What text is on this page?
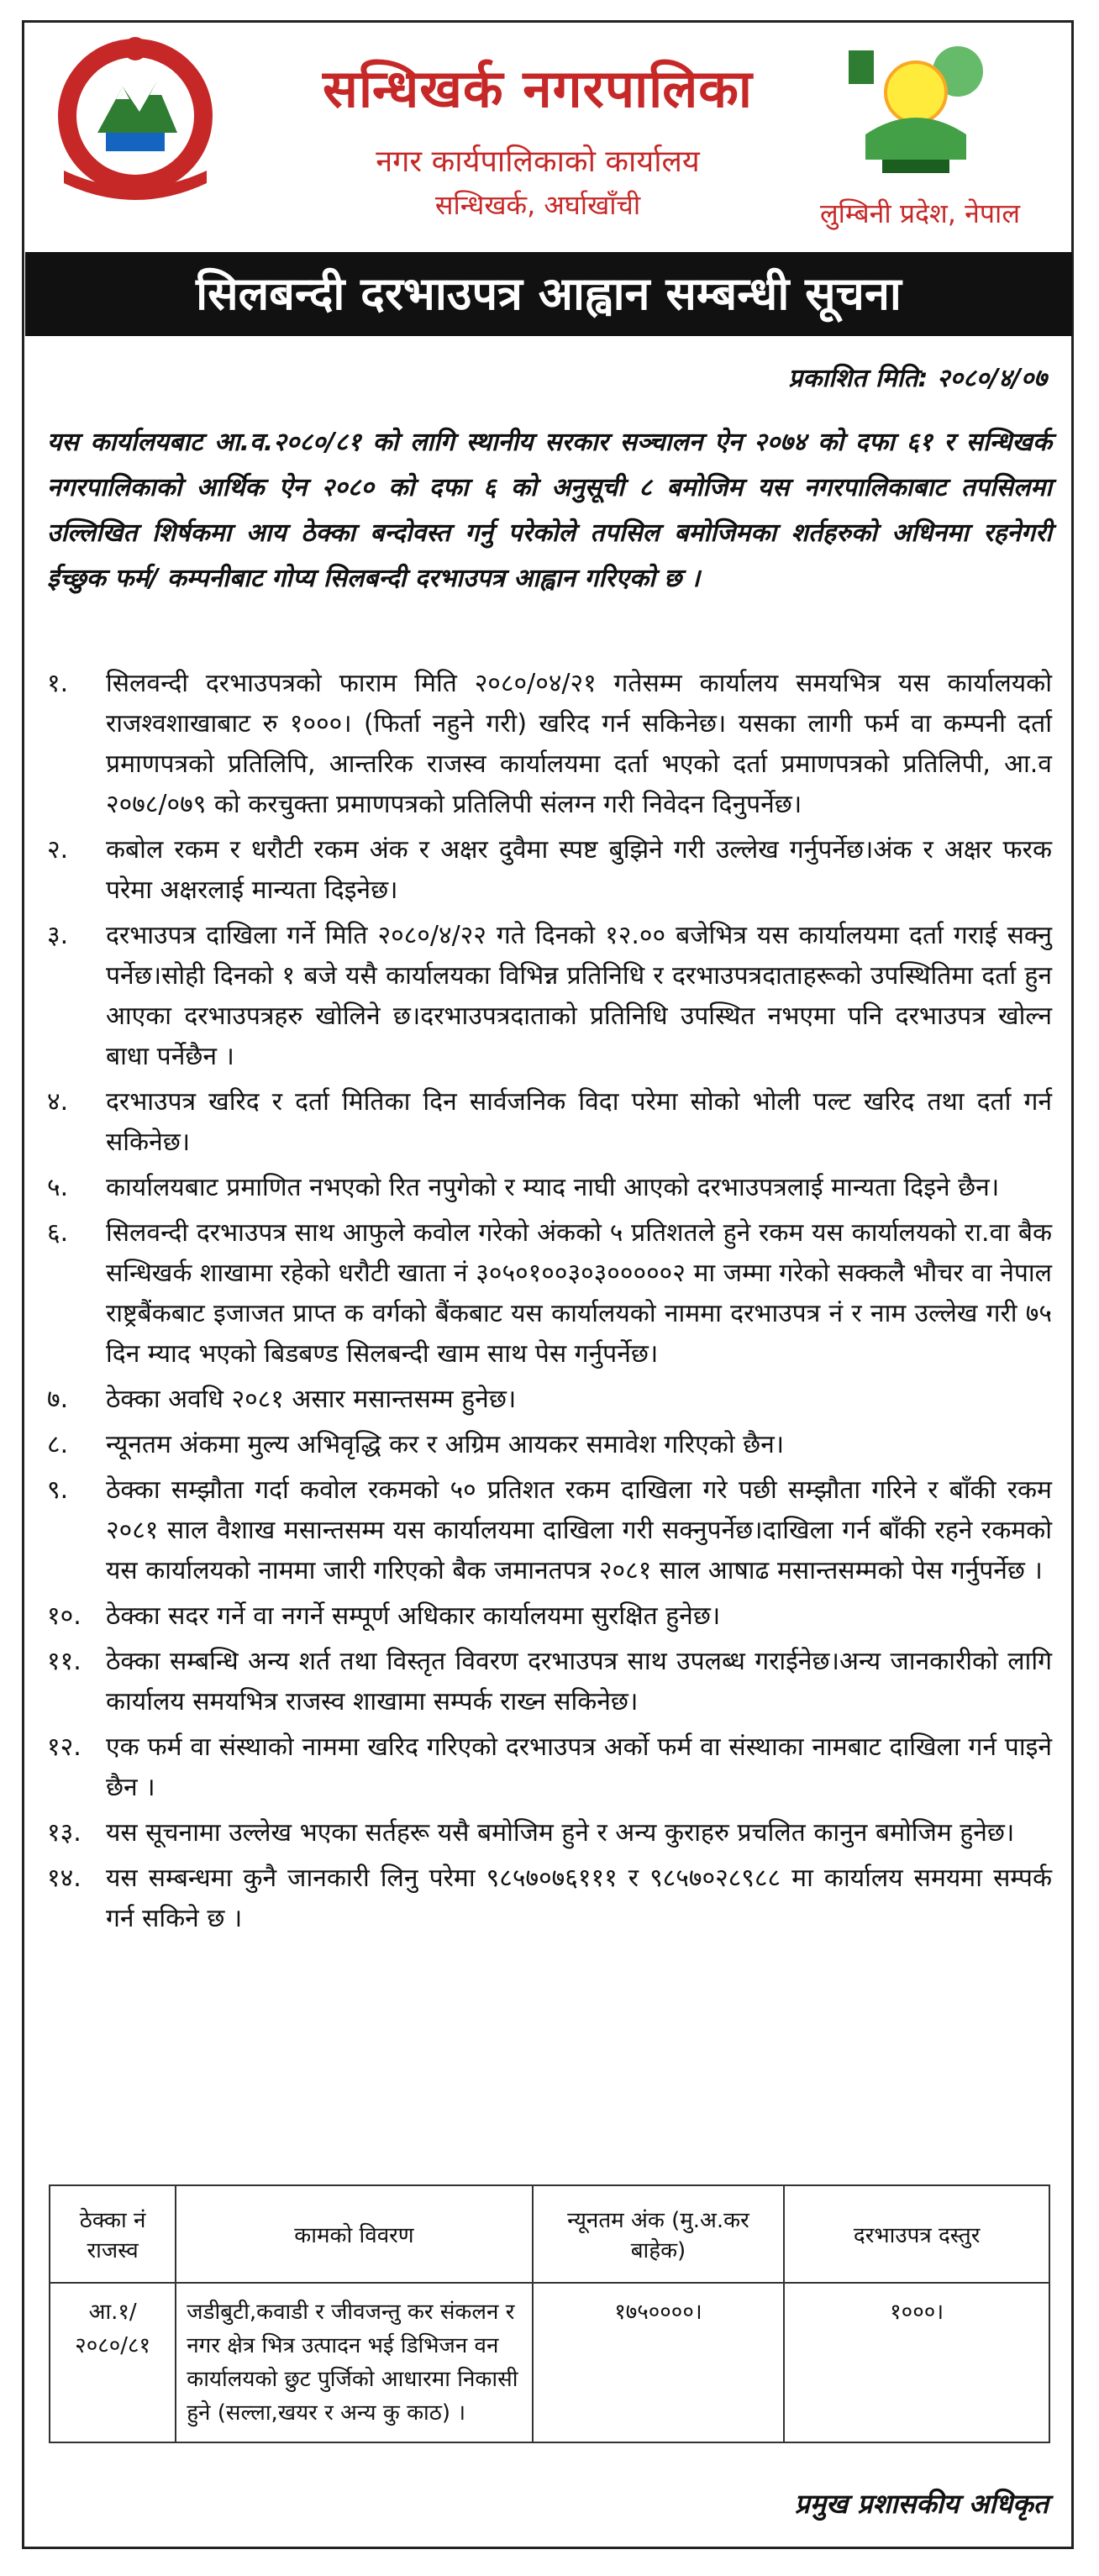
सन्धिखर्क नगरपालिका
नगर कार्यपालिकाको कार्यालय
सन्धिखर्क, अर्घाखाँची	लुम्बिनी प्रदेश, नेपाल
सिलबन्दी दरभाउपत्र आह्वान सम्बन्धी सूचना
प्रकाशित मिति: २०८०/४/०७
यस कार्यालयबाट आ.व.२०८०/८१ को लागि स्थानीय सरकार सञ्चालन ऐन २०७४ को दफा ६१ र सन्धिखर्क नगरपालिकाको आर्थिक ऐन २०८० को दफा ६ को अनुसूची ८ बमोजिम यस नगरपालिकाबाट तपसिलमा उल्लिखित शिर्षकमा आय ठेक्का बन्दोवस्त गर्नु परेकोले तपसिल बमोजिमका शर्तहरुको अधिनमा रहनेगरी ईच्छुक फर्म/ कम्पनीबाट गोप्य सिलबन्दी दरभाउपत्र आह्वान गरिएको छ ।
१.	सिलवन्दी दरभाउपत्रको फाराम मिति २०८०/०४/२१ गतेसम्म कार्यालय समयभित्र यस कार्यालयको राजश्वशाखाबाट रु १०००। (फिर्ता नहुने गरी) खरिद गर्न सकिनेछ। यसका लागी फर्म वा कम्पनी दर्ता प्रमाणपत्रको प्रतिलिपि, आन्तरिक राजस्व कार्यालयमा दर्ता भएको दर्ता प्रमाणपत्रको प्रतिलिपी, आ.व २०७८/०७९ को करचुक्ता प्रमाणपत्रको प्रतिलिपी संलग्न गरी निवेदन दिनुपर्नेछ।
२.	कबोल रकम र धरौटी रकम अंक र अक्षर दुवैमा स्पष्ट बुझिने गरी उल्लेख गर्नुपर्नेछ।अंक र अक्षर फरक परेमा अक्षरलाई मान्यता दिइनेछ।
३.	दरभाउपत्र दाखिला गर्ने मिति २०८०/४/२२ गते दिनको १२.०० बजेभित्र यस कार्यालयमा दर्ता गराई सक्नु पर्नेछ।सोही दिनको १ बजे यसै कार्यालयका विभिन्न प्रतिनिधि र दरभाउपत्रदाताहरूको उपस्थितिमा दर्ता हुन आएका दरभाउपत्रहरु खोलिने छ।दरभाउपत्रदाताको प्रतिनिधि उपस्थित नभएमा पनि दरभाउपत्र खोल्न बाधा पर्नेछैन ।
४.	दरभाउपत्र खरिद र दर्ता मितिका दिन सार्वजनिक विदा परेमा सोको भोली पल्ट खरिद तथा दर्ता गर्न सकिनेछ।
५.	कार्यालयबाट प्रमाणित नभएको रित नपुगेको र म्याद नाघी आएको दरभाउपत्रलाई मान्यता दिइने छैन।
६.	सिलवन्दी दरभाउपत्र साथ आफुले कवोल गरेको अंकको ५ प्रतिशतले हुने रकम यस कार्यालयको रा.वा बैक सन्धिखर्क शाखामा रहेको धरौटी खाता नं ३०५०१००३०३०००००२ मा जम्मा गरेको सक्कलै भौचर वा नेपाल राष्ट्रबैंकबाट इजाजत प्राप्त क वर्गको बैंकबाट यस कार्यालयको नाममा दरभाउपत्र नं र नाम उल्लेख गरी ७५ दिन म्याद भएको बिडबण्ड सिलबन्दी खाम साथ पेस गर्नुपर्नेछ।
७.	ठेक्का अवधि २०८१ असार मसान्तसम्म हुनेछ।
८.	न्यूनतम अंकमा मुल्य अभिवृद्धि कर र अग्रिम आयकर समावेश गरिएको छैन।
९.	ठेक्का सम्झौता गर्दा कवोल रकमको ५० प्रतिशत रकम दाखिला गरे पछी सम्झौता गरिने र बाँकी रकम २०८१ साल वैशाख मसान्तसम्म यस कार्यालयमा दाखिला गरी सक्नुपर्नेछ।दाखिला गर्न बाँकी रहने रकमको यस कार्यालयको नाममा जारी गरिएको बैक जमानतपत्र २०८१ साल आषाढ मसान्तसम्मको पेस गर्नुपर्नेछ ।
१०. ठेक्का सदर गर्ने वा नगर्ने सम्पूर्ण अधिकार कार्यालयमा सुरक्षित हुनेछ।
११. ठेक्का सम्बन्धि अन्य शर्त तथा विस्तृत विवरण दरभाउपत्र साथ उपलब्ध गराईनेछ।अन्य जानकारीको लागि कार्यालय समयभित्र राजस्व शाखामा सम्पर्क राख्न सकिनेछ।
१२. एक फर्म वा संस्थाको नाममा खरिद गरिएको दरभाउपत्र अर्को फर्म वा संस्थाका नामबाट दाखिला गर्न पाइने छैन ।
१३. यस सूचनामा उल्लेख भएका सर्तहरू यसै बमोजिम हुने र अन्य कुराहरु प्रचलित कानुन बमोजिम हुनेछ।
१४. यस सम्बन्धमा कुनै जानकारी लिनु परेमा ९८५७०७६१११ र ९८५७०२८९८८ मा कार्यालय समयमा सम्पर्क गर्न सकिने छ ।
ठेक्का नं राजस्व	कामको विवरण	न्यूनतम अंक (मु.अ.कर बाहेक)	दरभाउपत्र दस्तुर
आ.१/ २०८०/८१	जडीबुटी,कवाडी र जीवजन्तु कर संकलन र नगर क्षेत्र भित्र उत्पादन भई डिभिजन वन कार्यालयको छुट पुर्जिको आधारमा निकासी हुने (सल्ला,खयर र अन्य कु काठ) ।	१७५००००।	१०००।
प्रमुख प्रशासकीय अधिकृत
